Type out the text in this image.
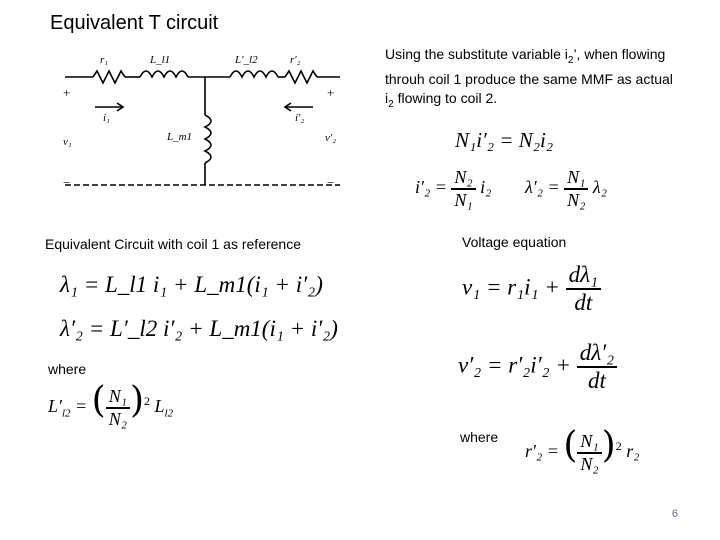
Equivalent T circuit
r₁	L_l1	L′_l2	r′₂
L_m1
i₁	i′₂
v₁	v′₂
+	+
−	−
Using the substitute variable $i_2$’, when flowing throuh coil 1 produce the same MMF as actual $i_2$ flowing to coil 2.
N₁i′₂ = N₂i₂
$i'_2 = \frac{\text{N₂}}{\text{N₁}} i_2$ $\lambda'_2 = \frac{\text{N₁}}{\text{N₂}} \lambda_2$
Equivalent Circuit with coil 1 as reference	Voltage equation
λ₁ = L_l1 i₁ + L_m1(i₁ + i′₂)
λ′₂ = L′_l2 i′₂ + L_m1(i₁ + i′₂)
$v_1 = r_1i_1 + \frac{\text{dλ₁}}{dt}$
$v'_2 = r'_2i'_2 + \frac{\text{dλ′₂}}{dt}$
where
$L'_{l2}$ = ( $\frac{\text{N₁}}{\text{N₂}} )^2$ $L_{l2}$
where
r′₂ = ( $\frac{\text{N₁}}{\text{N₂}} )^2$ r₂
6
